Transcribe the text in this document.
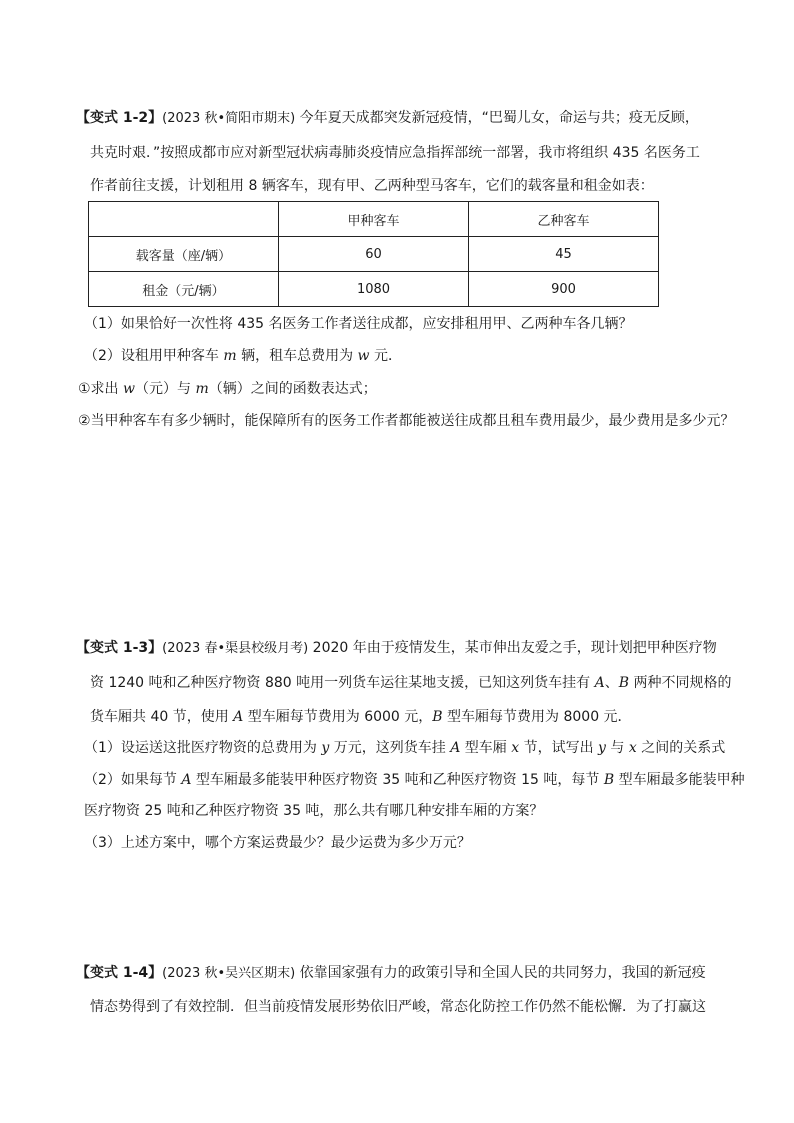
【变式 1-2】(2023 秋•简阳市期末) 今年夏天成都突发新冠疫情，“巴蜀儿女，命运与共；疫无反顾，
共克时艰．”按照成都市应对新型冠状病毒肺炎疫情应急指挥部统一部署，我市将组织 435 名医务工
作者前往支援，计划租用 8 辆客车，现有甲、乙两种型马客车，它们的载客量和租金如表：
	甲种客车	乙种客车
载客量（座/辆）	60	45
租金（元/辆）	1080	900
（1）如果恰好一次性将 435 名医务工作者送往成都，应安排租用甲、乙两种车各几辆？
（2）设租用甲种客车 m 辆，租车总费用为 w 元．
①求出 w（元）与 m（辆）之间的函数表达式；
②当甲种客车有多少辆时，能保障所有的医务工作者都能被送往成都且租车费用最少，最少费用是多少元？
【变式 1-3】(2023 春•渠县校级月考) 2020 年由于疫情发生，某市伸出友爱之手，现计划把甲种医疗物
资 1240 吨和乙种医疗物资 880 吨用一列货车运往某地支援，已知这列货车挂有 A、B 两种不同规格的
货车厢共 40 节，使用 A 型车厢每节费用为 6000 元，B 型车厢每节费用为 8000 元．
（1）设运送这批医疗物资的总费用为 y 万元，这列货车挂 A 型车厢 x 节，试写出 y 与 x 之间的关系式
（2）如果每节 A 型车厢最多能装甲种医疗物资 35 吨和乙种医疗物资 15 吨，每节 B 型车厢最多能装甲种
医疗物资 25 吨和乙种医疗物资 35 吨，那么共有哪几种安排车厢的方案？
（3）上述方案中，哪个方案运费最少？最少运费为多少万元？
【变式 1-4】(2023 秋•吴兴区期末) 依靠国家强有力的政策引导和全国人民的共同努力，我国的新冠疫
情态势得到了有效控制．但当前疫情发展形势依旧严峻，常态化防控工作仍然不能松懈．为了打赢这
